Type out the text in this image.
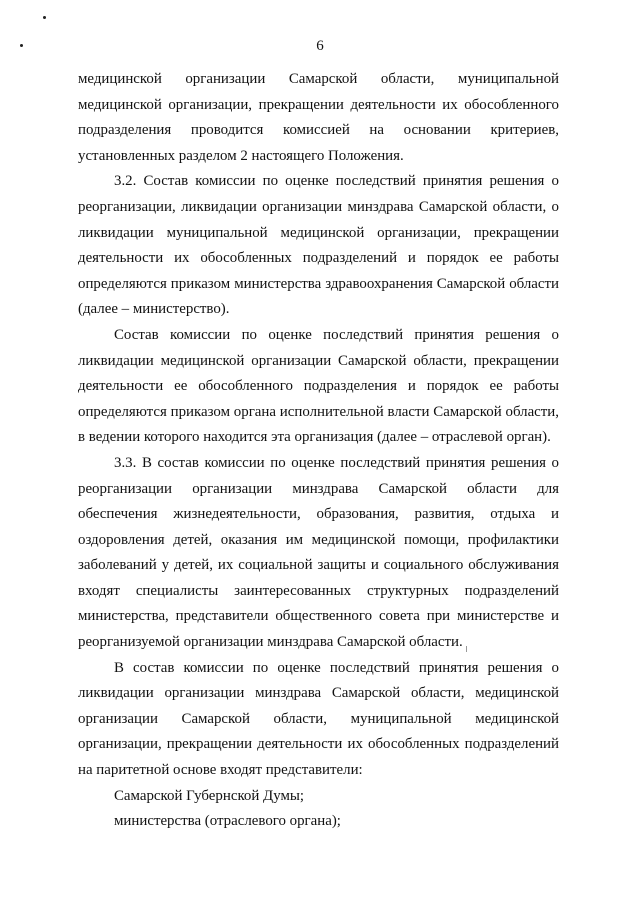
6

медицинской организации Самарской области, муниципальной медицинской организации, прекращении деятельности их обособленного подразделения проводится комиссией на основании критериев, установленных разделом 2 настоящего Положения.

3.2. Состав комиссии по оценке последствий принятия решения о реорганизации, ликвидации организации минздрава Самарской области, о ликвидации муниципальной медицинской организации, прекращении деятельности их обособленных подразделений и порядок ее работы определяются приказом министерства здравоохранения Самарской области (далее – министерство).

Состав комиссии по оценке последствий принятия решения о ликвидации медицинской организации Самарской области, прекращении деятельности ее обособленного подразделения и порядок ее работы определяются приказом органа исполнительной власти Самарской области, в ведении которого находится эта организация (далее – отраслевой орган).

3.3. В состав комиссии по оценке последствий принятия решения о реорганизации организации минздрава Самарской области для обеспечения жизнедеятельности, образования, развития, отдыха и оздоровления детей, оказания им медицинской помощи, профилактики заболеваний у детей, их социальной защиты и социального обслуживания входят специалисты заинтересованных структурных подразделений министерства, представители общественного совета при министерстве и реорганизуемой организации минздрава Самарской области.

В состав комиссии по оценке последствий принятия решения о ликвидации организации минздрава Самарской области, медицинской организации Самарской области, муниципальной медицинской организации, прекращении деятельности их обособленных подразделений на паритетной основе входят представители:

Самарской Губернской Думы;

министерства (отраслевого органа);
